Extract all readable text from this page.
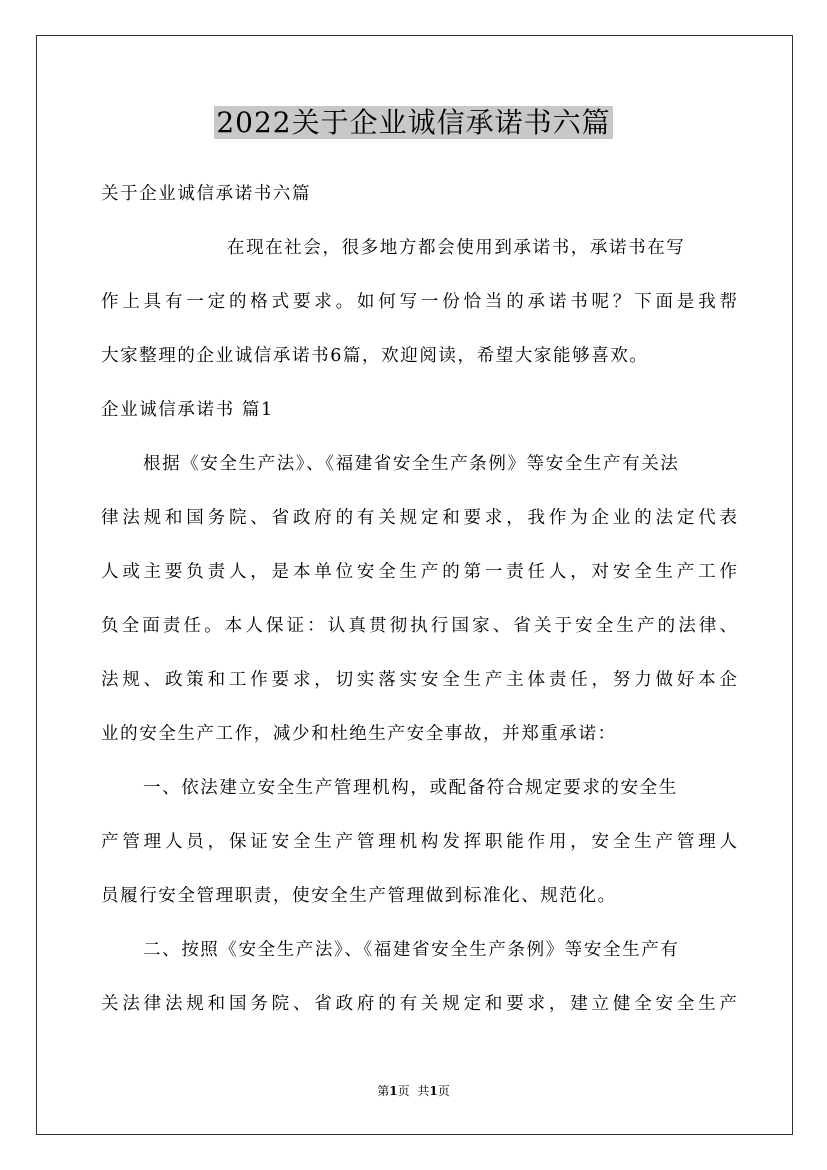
2022关于企业诚信承诺书六篇
关于企业诚信承诺书六篇
在现在社会，很多地方都会使用到承诺书，承诺书在写
作上具有一定的格式要求。如何写一份恰当的承诺书呢？下面是我帮
大家整理的企业诚信承诺书6篇，欢迎阅读，希望大家能够喜欢。
企业诚信承诺书 篇1
根据《安全生产法》、《福建省安全生产条例》等安全生产有关法
律法规和国务院、省政府的有关规定和要求，我作为企业的法定代表
人或主要负责人，是本单位安全生产的第一责任人，对安全生产工作
负全面责任。本人保证：认真贯彻执行国家、省关于安全生产的法律、
法规、政策和工作要求，切实落实安全生产主体责任，努力做好本企
业的安全生产工作，减少和杜绝生产安全事故，并郑重承诺：
一、依法建立安全生产管理机构，或配备符合规定要求的安全生
产管理人员，保证安全生产管理机构发挥职能作用，安全生产管理人
员履行安全管理职责，使安全生产管理做到标准化、规范化。
二、按照《安全生产法》、《福建省安全生产条例》等安全生产有
关法律法规和国务院、省政府的有关规定和要求，建立健全安全生产
第1页 共1页
